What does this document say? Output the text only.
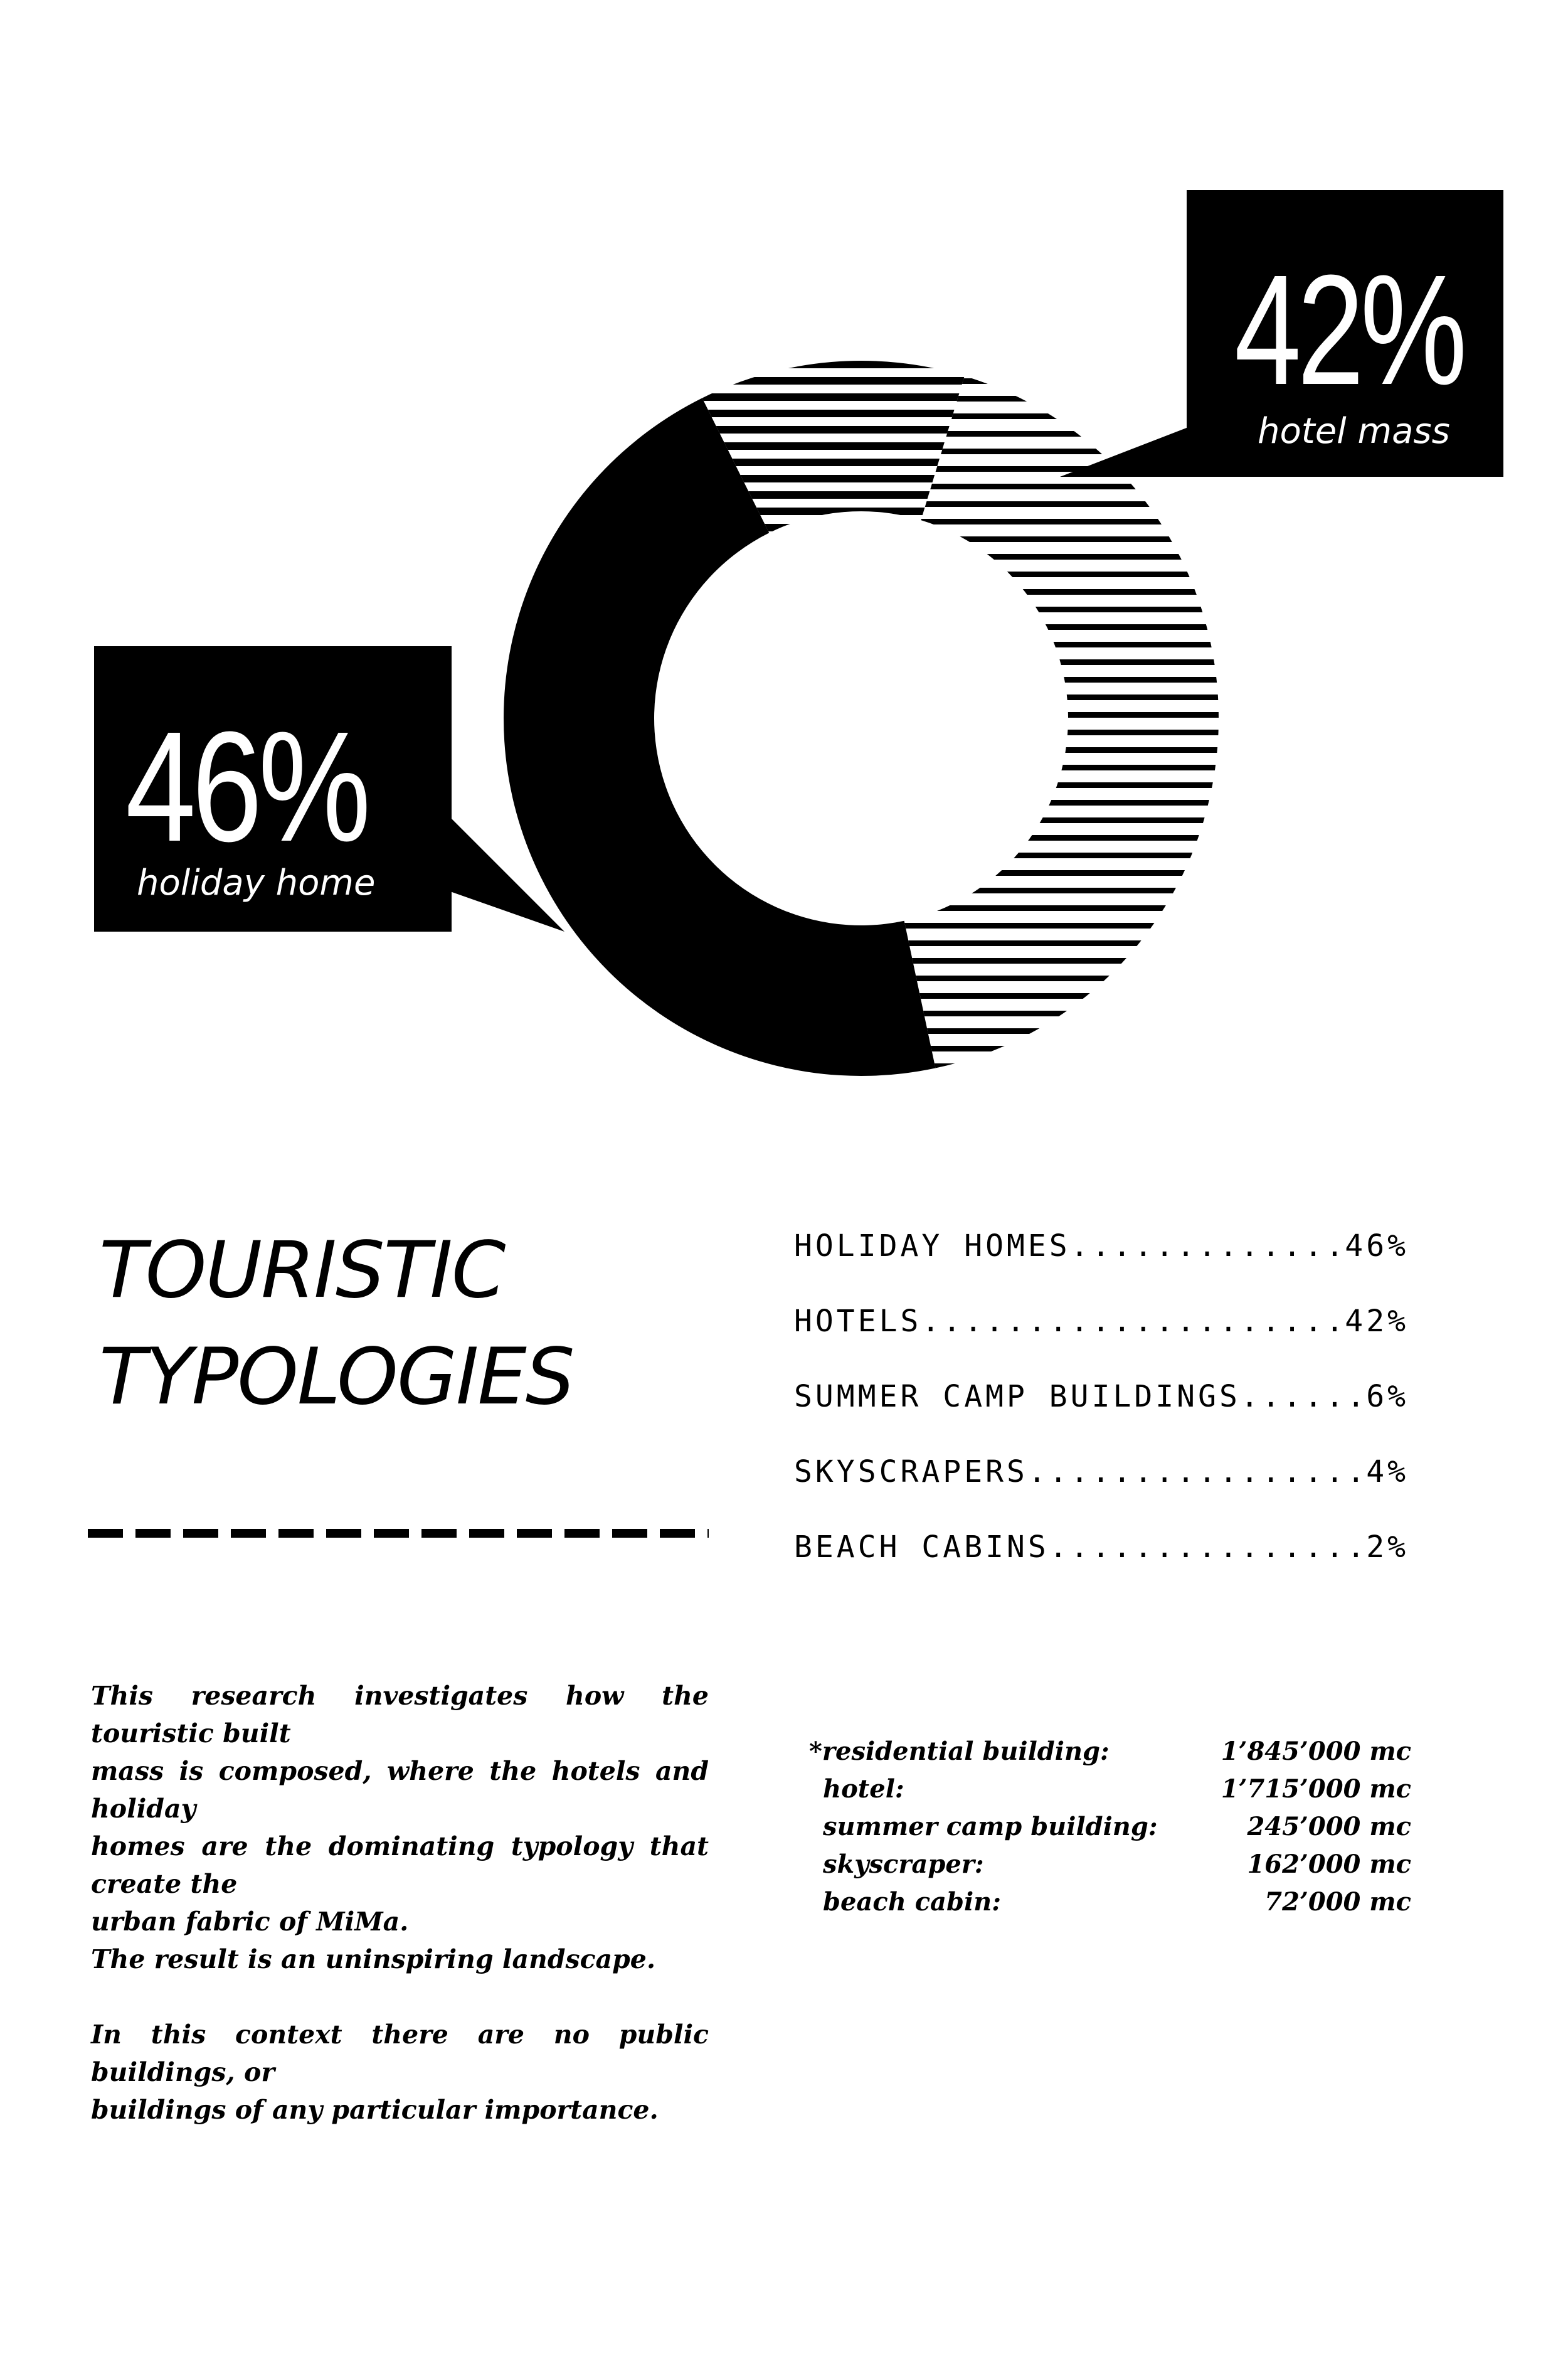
46%
holiday home
42%
hotel mass
TOURISTIC
TYPOLOGIES
HOLIDAY HOMES .....	46%
HOTELS .....	42%
SUMMER CAMP BUILDINGS .....	6%
SKYSCRAPERS .....	4%
BEACH CABINS .....	2%

This research investigates how the touristic built
mass is composed, where the hotels and holiday
homes are the dominating typology that create the
urban fabric of MiMa.
The result is an uninspiring landscape.

In this context there are no public buildings, or
buildings of any particular importance.

*residential building:	1’845’000 mc
hotel:	1’715’000 mc
summer camp building:	245’000 mc
skyscraper:	162’000 mc
beach cabin:	72’000 mc
